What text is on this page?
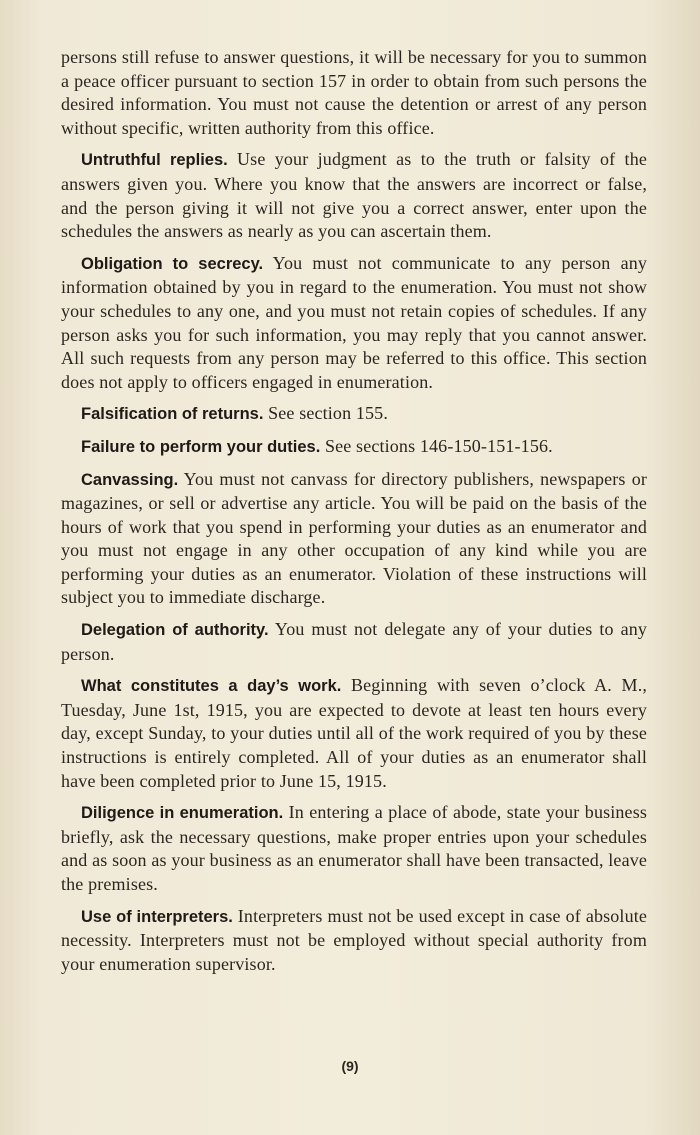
persons still refuse to answer questions, it will be necessary for you to summon a peace officer pursuant to section 157 in order to obtain from such persons the desired information. You must not cause the detention or arrest of any person without specific, written authority from this office.

Untruthful replies. Use your judgment as to the truth or falsity of the answers given you. Where you know that the answers are incorrect or false, and the person giving it will not give you a correct answer, enter upon the schedules the answers as nearly as you can ascertain them.

Obligation to secrecy. You must not communicate to any person any information obtained by you in regard to the enumeration. You must not show your schedules to any one, and you must not retain copies of schedules. If any person asks you for such information, you may reply that you cannot answer. All such requests from any person may be referred to this office. This section does not apply to officers engaged in enumeration.

Falsification of returns. See section 155.

Failure to perform your duties. See sections 146-150-151-156.

Canvassing. You must not canvass for directory publishers, newspapers or magazines, or sell or advertise any article. You will be paid on the basis of the hours of work that you spend in performing your duties as an enumerator and you must not engage in any other occupation of any kind while you are performing your duties as an enumerator. Violation of these instructions will subject you to immediate discharge.

Delegation of authority. You must not delegate any of your duties to any person.

What constitutes a day’s work. Beginning with seven o’clock A. M., Tuesday, June 1st, 1915, you are expected to devote at least ten hours every day, except Sunday, to your duties until all of the work required of you by these instructions is entirely completed. All of your duties as an enumerator shall have been completed prior to June 15, 1915.

Diligence in enumeration. In entering a place of abode, state your business briefly, ask the necessary questions, make proper entries upon your schedules and as soon as your business as an enumerator shall have been transacted, leave the premises.

Use of interpreters. Interpreters must not be used except in case of absolute necessity. Interpreters must not be employed without special authority from your enumeration supervisor.

(9)
